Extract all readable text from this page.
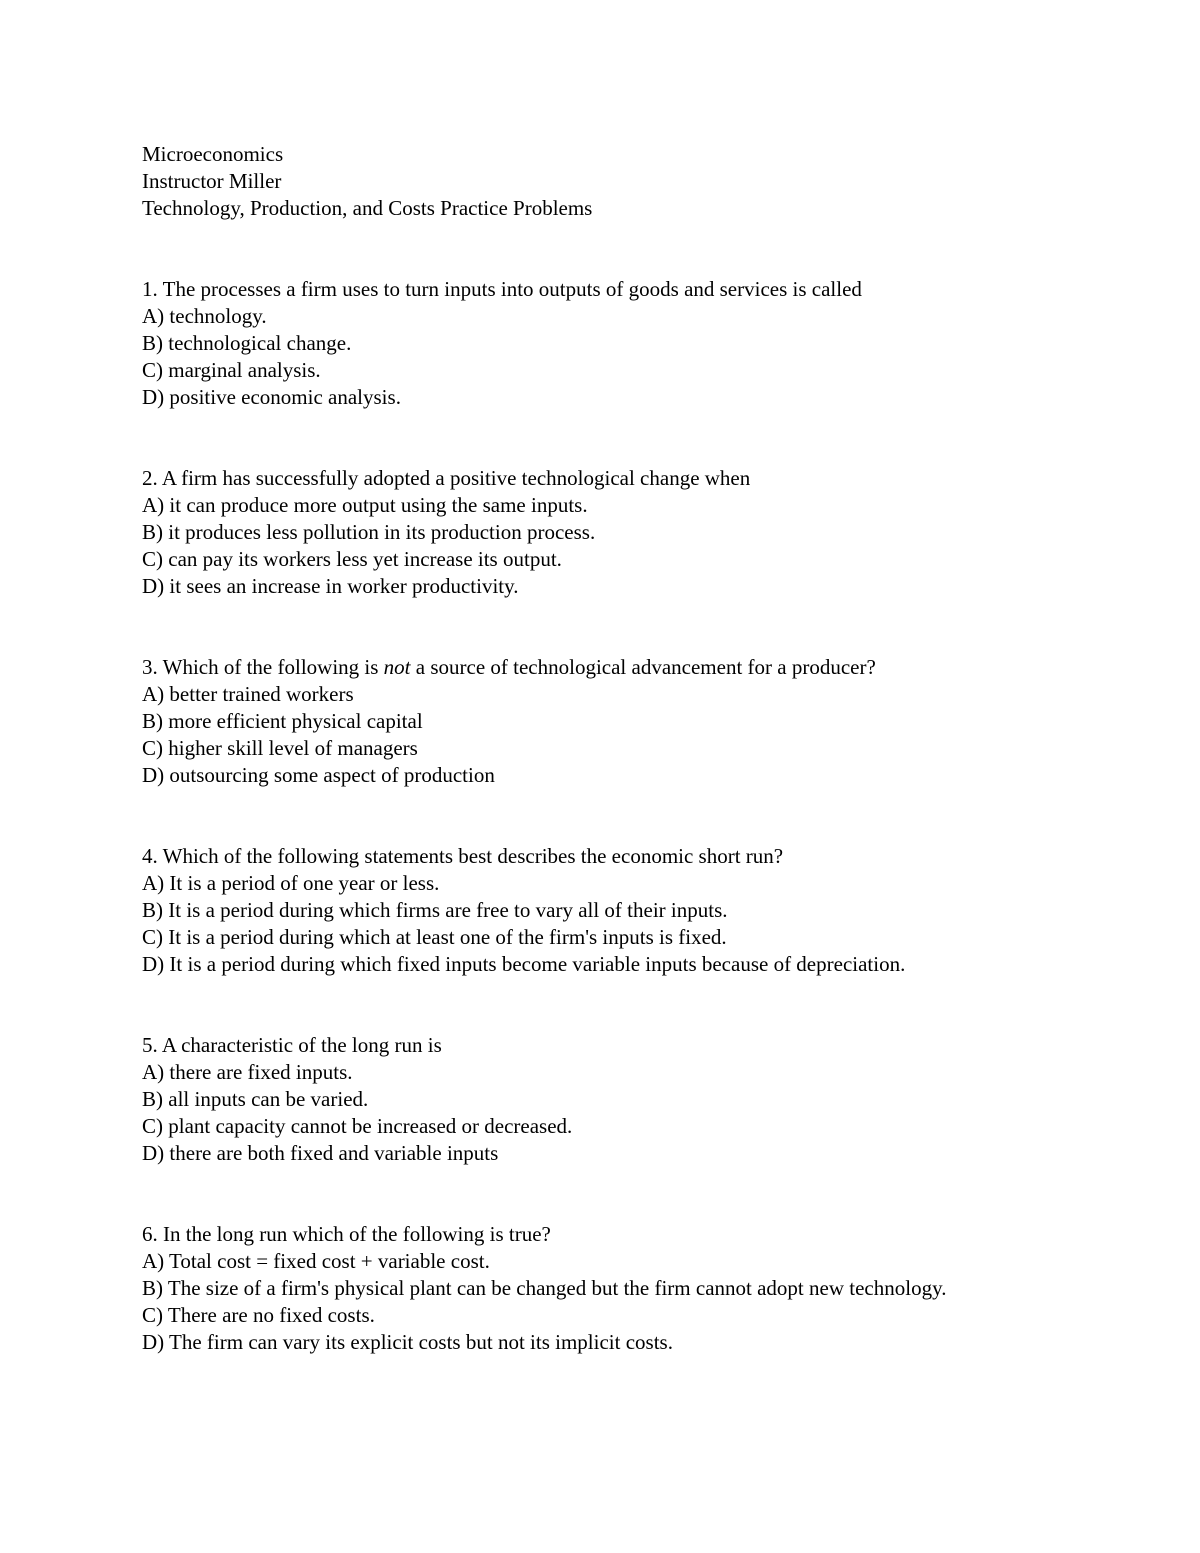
Microeconomics
Instructor Miller
Technology, Production, and Costs Practice Problems
1. The processes a firm uses to turn inputs into outputs of goods and services is called
A) technology.
B) technological change.
C) marginal analysis.
D) positive economic analysis.
2. A firm has successfully adopted a positive technological change when
A) it can produce more output using the same inputs.
B) it produces less pollution in its production process.
C) can pay its workers less yet increase its output.
D) it sees an increase in worker productivity.
3. Which of the following is not a source of technological advancement for a producer?
A) better trained workers
B) more efficient physical capital
C) higher skill level of managers
D) outsourcing some aspect of production
4. Which of the following statements best describes the economic short run?
A) It is a period of one year or less.
B) It is a period during which firms are free to vary all of their inputs.
C) It is a period during which at least one of the firm's inputs is fixed.
D) It is a period during which fixed inputs become variable inputs because of depreciation.
5. A characteristic of the long run is
A) there are fixed inputs.
B) all inputs can be varied.
C) plant capacity cannot be increased or decreased.
D) there are both fixed and variable inputs
6. In the long run which of the following is true?
A) Total cost = fixed cost + variable cost.
B) The size of a firm's physical plant can be changed but the firm cannot adopt new technology.
C) There are no fixed costs.
D) The firm can vary its explicit costs but not its implicit costs.
